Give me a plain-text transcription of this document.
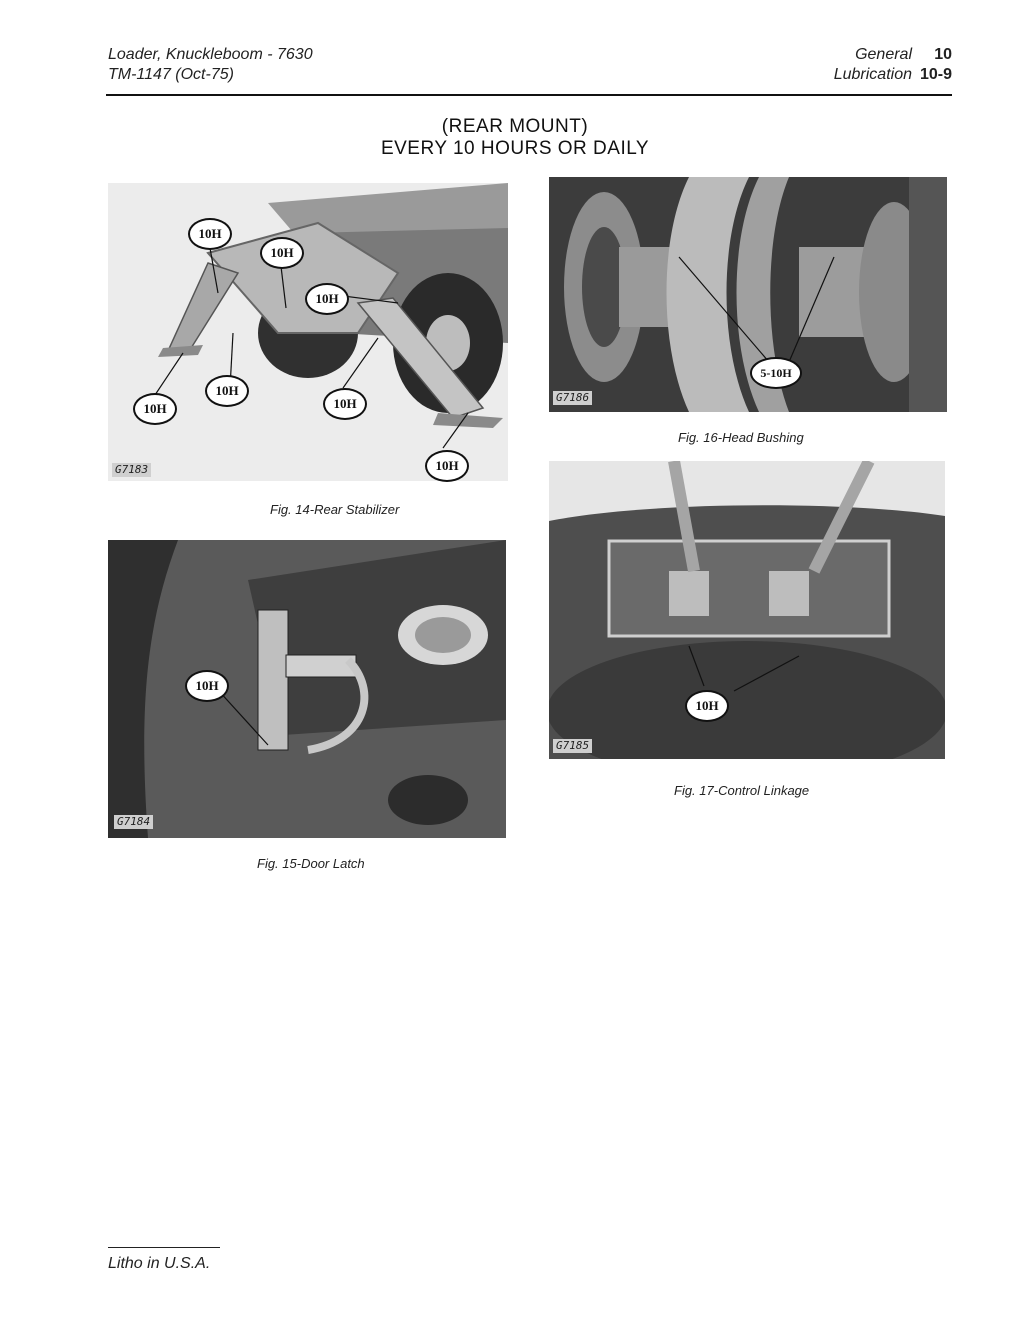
Loader, Knuckleboom - 7630
TM-1147 (Oct-75)
General 10
Lubrication 10-9
(REAR MOUNT)
EVERY 10 HOURS OR DAILY
G7183
Fig. 14-Rear Stabilizer
10H
10H
10H
10H
10H
10H
10H
G7186
5-10H
Fig. 16-Head Bushing
G7185
10H
Fig. 17-Control Linkage
G7184
10H
Fig. 15-Door Latch
Litho in U.S.A.
